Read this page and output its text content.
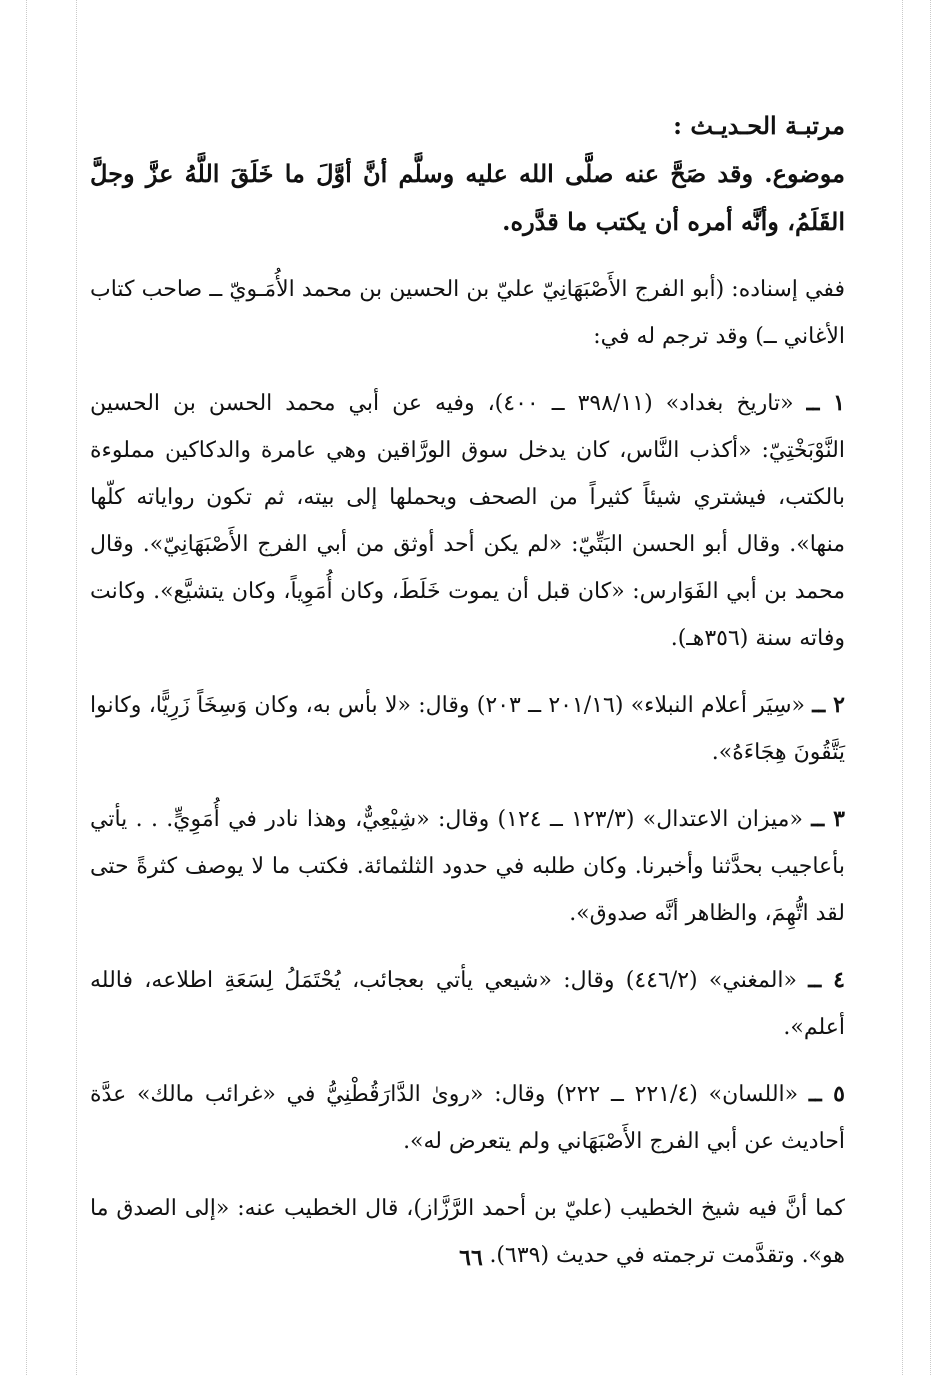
مرتبـة الحـديـث :
موضوع. وقد صَحَّ عنه صلَّى الله عليه وسلَّم أنَّ أوَّلَ ما خَلَقَ اللَّهُ عزَّ وجلَّ القَلَمُ، وأنَّه أمره أن يكتب ما قدَّره.
ففي إسناده: (أبو الفرج الأَصْبَهَانِيّ عليّ بن الحسين بن محمد الأُمَـويّ ــ صاحب كتاب الأغاني ــ) وقد ترجم له في:
١ ــ «تاريخ بغداد» (٣٩٨/١١ ــ ٤٠٠)، وفيه عن أبي محمد الحسن بن الحسين النَّوْبَخْتِيّ: «أكذب النَّاس، كان يدخل سوق الورَّاقين وهي عامرة والدكاكين مملوءة بالكتب، فيشتري شيئاً كثيراً من الصحف ويحملها إلى بيته، ثم تكون رواياته كلّها منها». وقال أبو الحسن البَتِّيّ: «لم يكن أحد أوثق من أبي الفرج الأَصْبَهَانِيّ». وقال محمد بن أبي الفَوَارس: «كان قبل أن يموت خَلَطَ، وكان أُمَوِياً، وكان يتشيَّع». وكانت وفاته سنة (٣٥٦هـ).
٢ ــ «سِيَر أعلام النبلاء» (٢٠١/١٦ ــ ٢٠٣) وقال: «لا بأس به، وكان وَسِخَاً زَرِيًّا، وكانوا يَتَّقُونَ هِجَاءَهُ».
٣ ــ «ميزان الاعتدال» (١٢٣/٣ ــ ١٢٤) وقال: «شِيْعِيٌّ، وهذا نادر في أُمَوِيٍّ. . . يأتي بأعاجيب بحدَّثنا وأخبرنا. وكان طلبه في حدود الثلثمائة. فكتب ما لا يوصف كثرةً حتى لقد اتُّهِمَ، والظاهر أنَّه صدوق».
٤ ــ «المغني» (٤٤٦/٢) وقال: «شيعي يأتي بعجائب، يُحْتَمَلُ لِسَعَةِ اطلاعه، فالله أعلم».
٥ ــ «اللسان» (٢٢١/٤ ــ ٢٢٢) وقال: «روىٰ الدَّارَقُطْنِيُّ في «غرائب مالك» عدَّة أحاديث عن أبي الفرج الأَصْبَهَاني ولم يتعرض له».
كما أنَّ فيه شيخ الخطيب (عليّ بن أحمد الرَّزَّاز)، قال الخطيب عنه: «إلى الصدق ما هو». وتقدَّمت ترجمته في حديث (٦٣٩).
٦٦
